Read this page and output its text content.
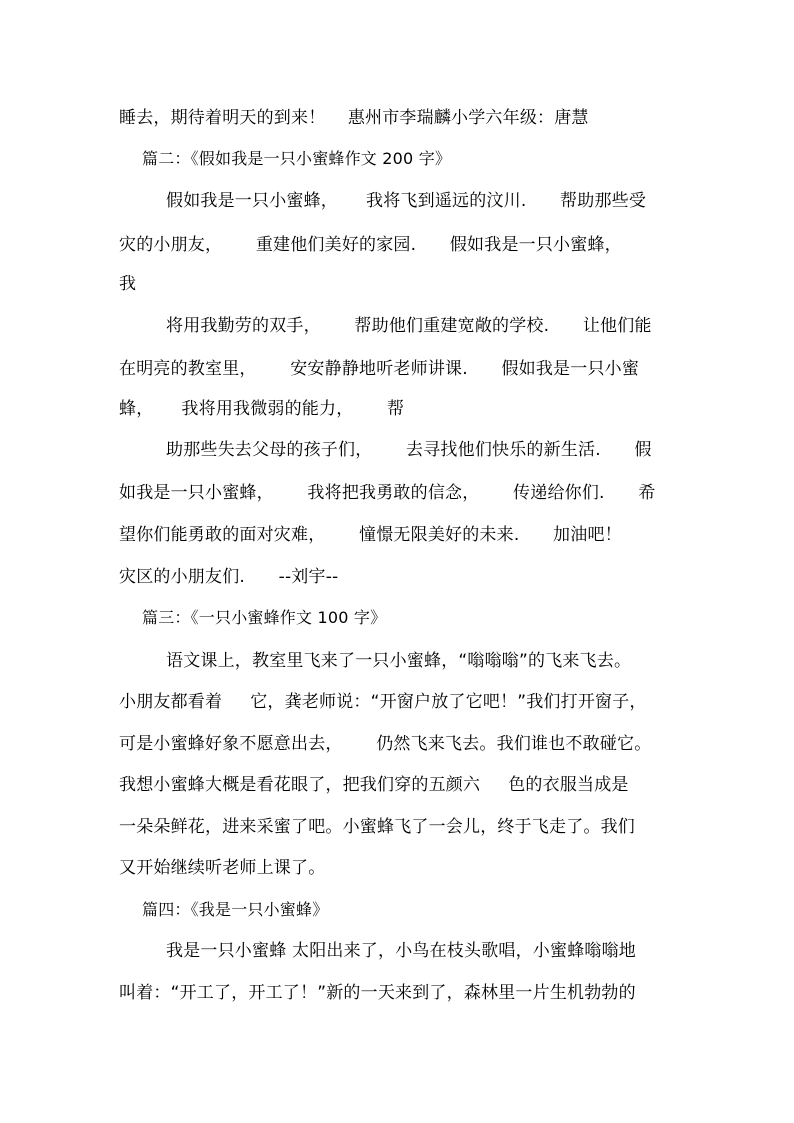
睡去，期待着明天的到来！    惠州市李瑞麟小学六年级：唐慧
篇二：《假如我是一只小蜜蜂作文 200 字》
假如我是一只小蜜蜂，     我将飞到遥远的汶川.      帮助那些受
灾的小朋友，      重建他们美好的家园.      假如我是一只小蜜蜂，
我
将用我勤劳的双手，      帮助他们重建宽敞的学校.      让他们能
在明亮的教室里，      安安静静地听老师讲课.      假如我是一只小蜜
蜂，     我将用我微弱的能力，      帮
助那些失去父母的孩子们，      去寻找他们快乐的新生活.      假
如我是一只小蜜蜂，      我将把我勇敢的信念，      传递给你们.      希
望你们能勇敢的面对灾难，      憧憬无限美好的未来.      加油吧！
灾区的小朋友们.      --刘宇--
篇三：《一只小蜜蜂作文 100 字》
语文课上，教室里飞来了一只小蜜蜂，“嗡嗡嗡”的飞来飞去。
小朋友都看着     它，龚老师说：“开窗户放了它吧！”我们打开窗子，
可是小蜜蜂好象不愿意出去，      仍然飞来飞去。我们谁也不敢碰它。
我想小蜜蜂大概是看花眼了，把我们穿的五颜六     色的衣服当成是
一朵朵鲜花，进来采蜜了吧。小蜜蜂飞了一会儿，终于飞走了。我们
又开始继续听老师上课了。
篇四：《我是一只小蜜蜂》
我是一只小蜜蜂 太阳出来了，小鸟在枝头歌唱，小蜜蜂嗡嗡地
叫着：“开工了，开工了！”新的一天来到了，森林里一片生机勃勃的
